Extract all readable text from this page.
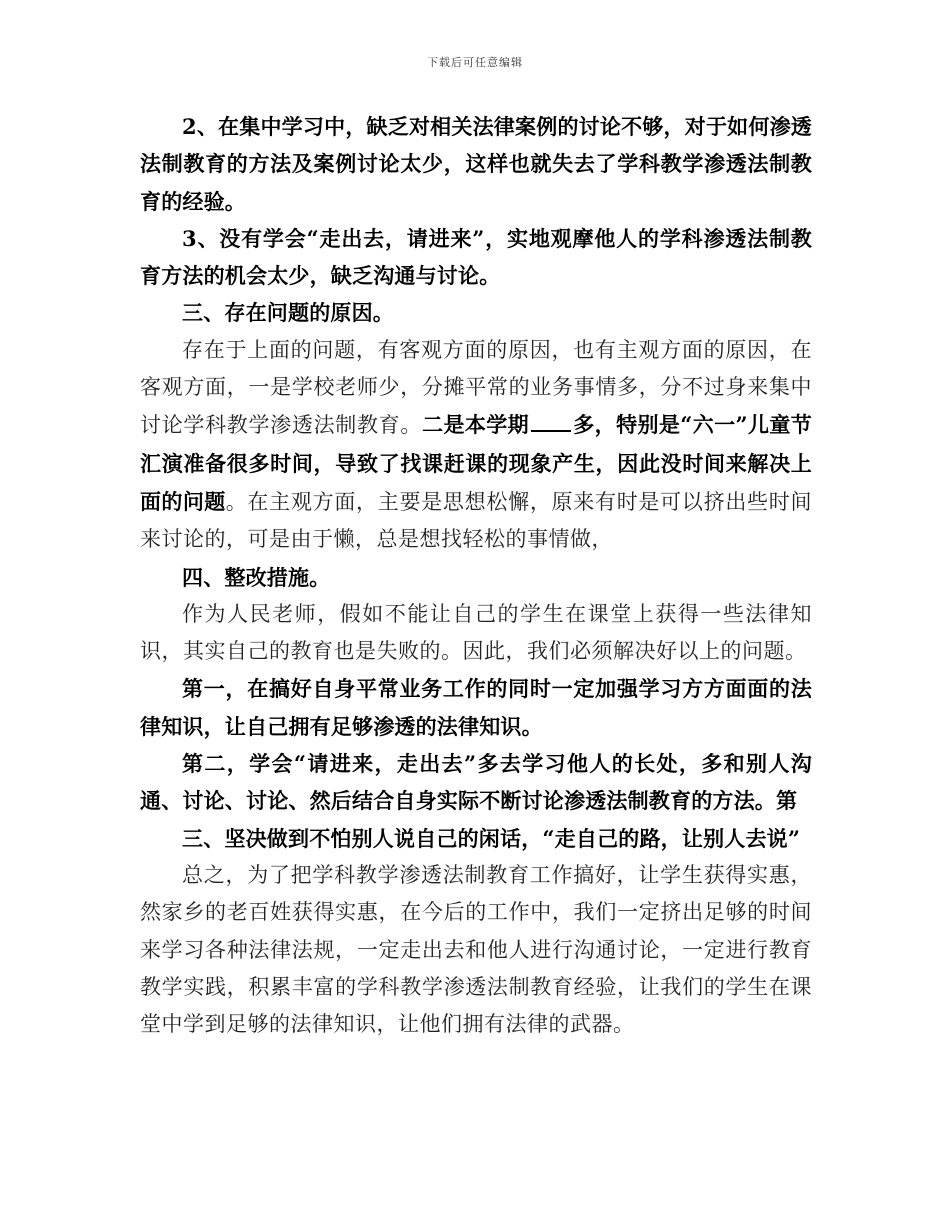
下载后可任意编辑

2、在集中学习中，缺乏对相关法律案例的讨论不够，对于如何渗透法制教育的方法及案例讨论太少，这样也就失去了学科教学渗透法制教育的经验。

3、没有学会“走出去，请进来”，实地观摩他人的学科渗透法制教育方法的机会太少，缺乏沟通与讨论。

三、存在问题的原因。

存在于上面的问题，有客观方面的原因，也有主观方面的原因，在客观方面，一是学校老师少，分摊平常的业务事情多，分不过身来集中讨论学科教学渗透法制教育。二是本学期 多，特别是“六一”儿童节汇演准备很多时间，导致了找课赶课的现象产生，因此没时间来解决上面的问题。在主观方面，主要是思想松懈，原来有时是可以挤出些时间来讨论的，可是由于懒，总是想找轻松的事情做，

四、整改措施。

作为人民老师，假如不能让自己的学生在课堂上获得一些法律知识，其实自己的教育也是失败的。因此，我们必须解决好以上的问题。

第一，在搞好自身平常业务工作的同时一定加强学习方方面面的法律知识，让自己拥有足够渗透的法律知识。

第二，学会“请进来，走出去”多去学习他人的长处，多和别人沟通、讨论、讨论、然后结合自身实际不断讨论渗透法制教育的方法。第

三、坚决做到不怕别人说自己的闲话，“走自己的路，让别人去说”

总之，为了把学科教学渗透法制教育工作搞好，让学生获得实惠，然家乡的老百姓获得实惠，在今后的工作中，我们一定挤出足够的时间来学习各种法律法规，一定走出去和他人进行沟通讨论，一定进行教育教学实践，积累丰富的学科教学渗透法制教育经验，让我们的学生在课堂中学到足够的法律知识，让他们拥有法律的武器。
